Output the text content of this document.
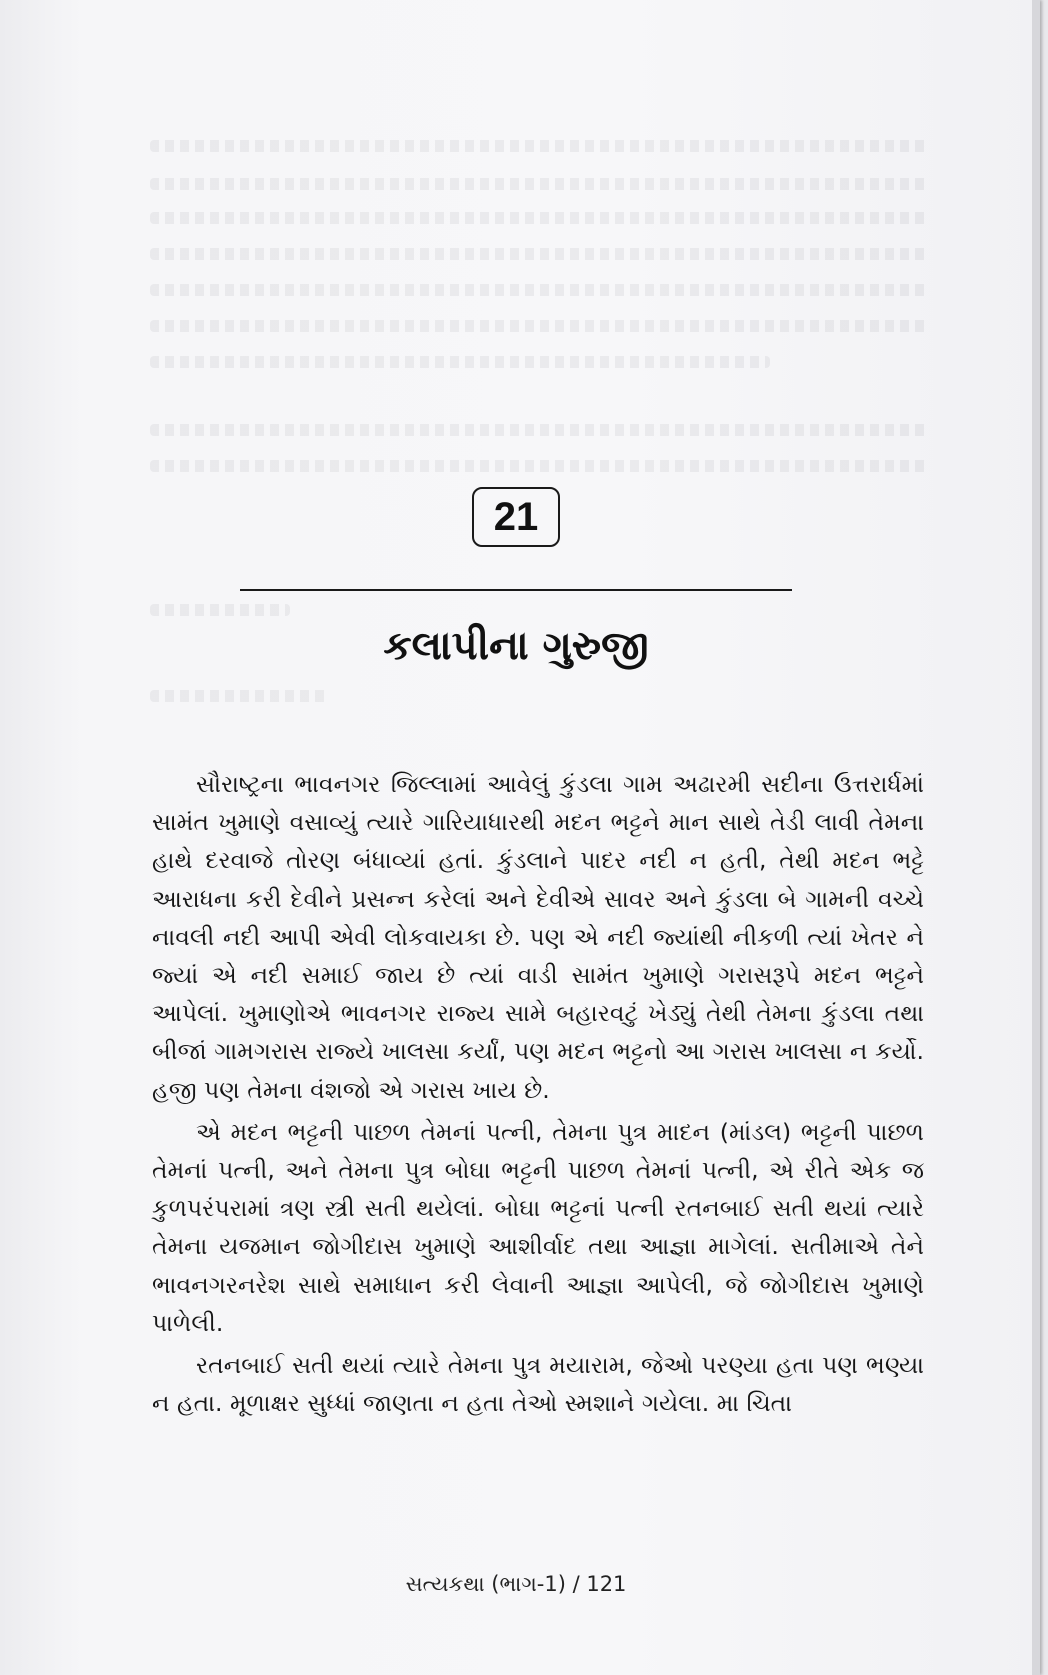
21
કલાપીના ગુરુજી

સૌરાષ્ટ્રના ભાવનગર જિલ્લામાં આવેલું કુંડલા ગામ અઢારમી સદીના ઉત્તરાર્ધમાં સામંત ખુમાણે વસાવ્યું ત્યારે ગારિયાધારથી મદન ભટ્ટને માન સાથે તેડી લાવી તેમના હાથે દરવાજે તોરણ બંધાવ્યાં હતાં. કુંડલાને પાદર નદી ન હતી, તેથી મદન ભટ્ટે આરાધના કરી દેવીને પ્રસન્ન કરેલાં અને દેવીએ સાવર અને કુંડલા બે ગામની વચ્ચે નાવલી નદી આપી એવી લોકવાયકા છે. પણ એ નદી જ્યાંથી નીકળી ત્યાં ખેતર ને જ્યાં એ નદી સમાઈ જાય છે ત્યાં વાડી સામંત ખુમાણે ગરાસરૂપે મદન ભટ્ટને આપેલાં. ખુમાણોએ ભાવનગર રાજ્ય સામે બહારવટું ખેડ્યું તેથી તેમના કુંડલા તથા બીજાં ગામગરાસ રાજ્યે ખાલસા કર્યાં, પણ મદન ભટ્ટનો આ ગરાસ ખાલસા ન કર્યો. હજી પણ તેમના વંશજો એ ગરાસ ખાય છે.

એ મદન ભટ્ટની પાછળ તેમનાં પત્ની, તેમના પુત્ર માદન (માંડલ) ભટ્ટની પાછળ તેમનાં પત્ની, અને તેમના પુત્ર બોઘા ભટ્ટની પાછળ તેમનાં પત્ની, એ રીતે એક જ કુળપરંપરામાં ત્રણ સ્ત્રી સતી થયેલાં. બોઘા ભટ્ટનાં પત્ની રતનબાઈ સતી થયાં ત્યારે તેમના યજમાન જોગીદાસ ખુમાણે આશીર્વાદ તથા આજ્ઞા માગેલાં. સતીમાએ તેને ભાવનગરનરેશ સાથે સમાધાન કરી લેવાની આજ્ઞા આપેલી, જે જોગીદાસ ખુમાણે પાળેલી.

રતનબાઈ સતી થયાં ત્યારે તેમના પુત્ર મયારામ, જેઓ પરણ્યા હતા પણ ભણ્યા ન હતા. મૂળાક્ષર સુધ્ધાં જાણતા ન હતા તેઓ સ્મશાને ગયેલા. મા ચિતા

સત્યકથા (ભાગ-1) / 121
